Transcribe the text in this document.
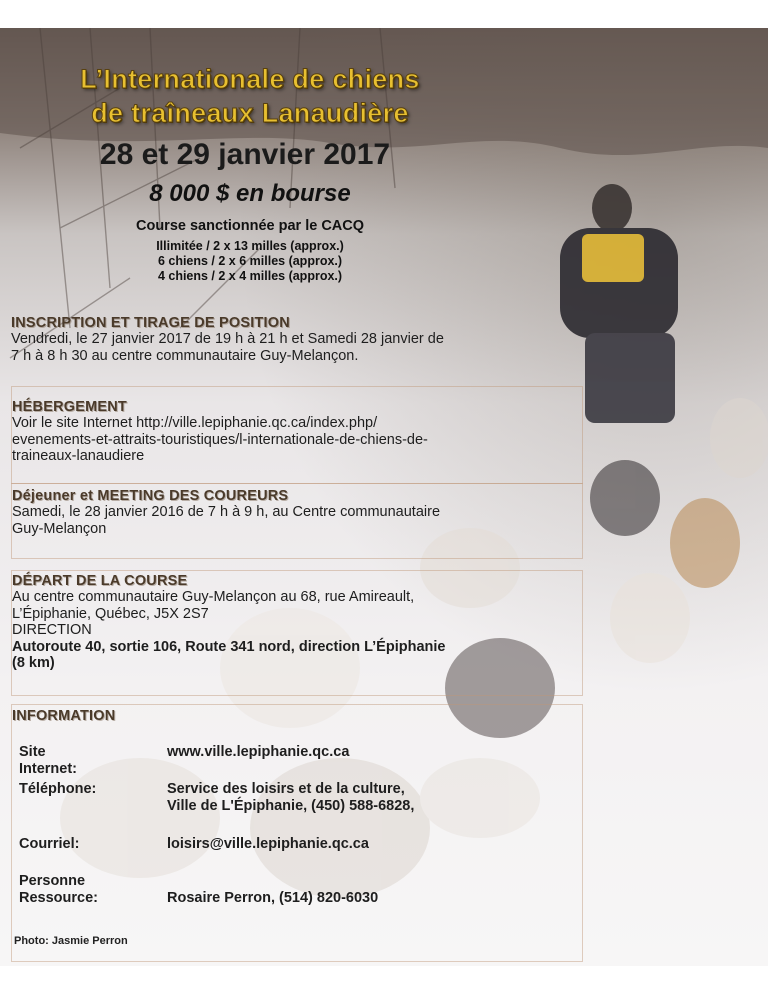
L’Internationale de chiens
de traîneaux Lanaudière
28 et 29 janvier 2017
8 000 $ en bourse
Course sanctionnée par le CACQ
Illimitée / 2 x 13 milles (approx.)
6 chiens / 2 x 6 milles (approx.)
4 chiens / 2 x 4 milles (approx.)
INSCRIPTION ET TIRAGE DE POSITION
Vendredi, le 27 janvier 2017 de 19 h à 21 h et Samedi 28 janvier de
7 h à 8 h 30 au centre communautaire Guy-Melançon.
HÉBERGEMENT
Voir le site Internet http://ville.lepiphanie.qc.ca/index.php/
evenements-et-attraits-touristiques/l-internationale-de-chiens-de-
traineaux-lanaudiere
Déjeuner et MEETING DES COUREURS
Samedi, le 28 janvier 2016 de 7 h à 9 h, au Centre communautaire
Guy-Melançon
DÉPART DE LA COURSE
Au centre communautaire Guy-Melançon au 68, rue Amireault,
L’Épiphanie, Québec, J5X 2S7
DIRECTION
Autoroute 40, sortie 106, Route 341 nord, direction L’Épiphanie
(8 km)
INFORMATION
Site Internet:
www.ville.lepiphanie.qc.ca
Téléphone:	Service des loisirs et de la culture,
Ville de L'Épiphanie, (450) 588-6828,
Courriel:	loisirs@ville.lepiphanie.qc.ca
Personne
Ressource:	Rosaire Perron, (514) 820-6030
Photo: Jasmie Perron
